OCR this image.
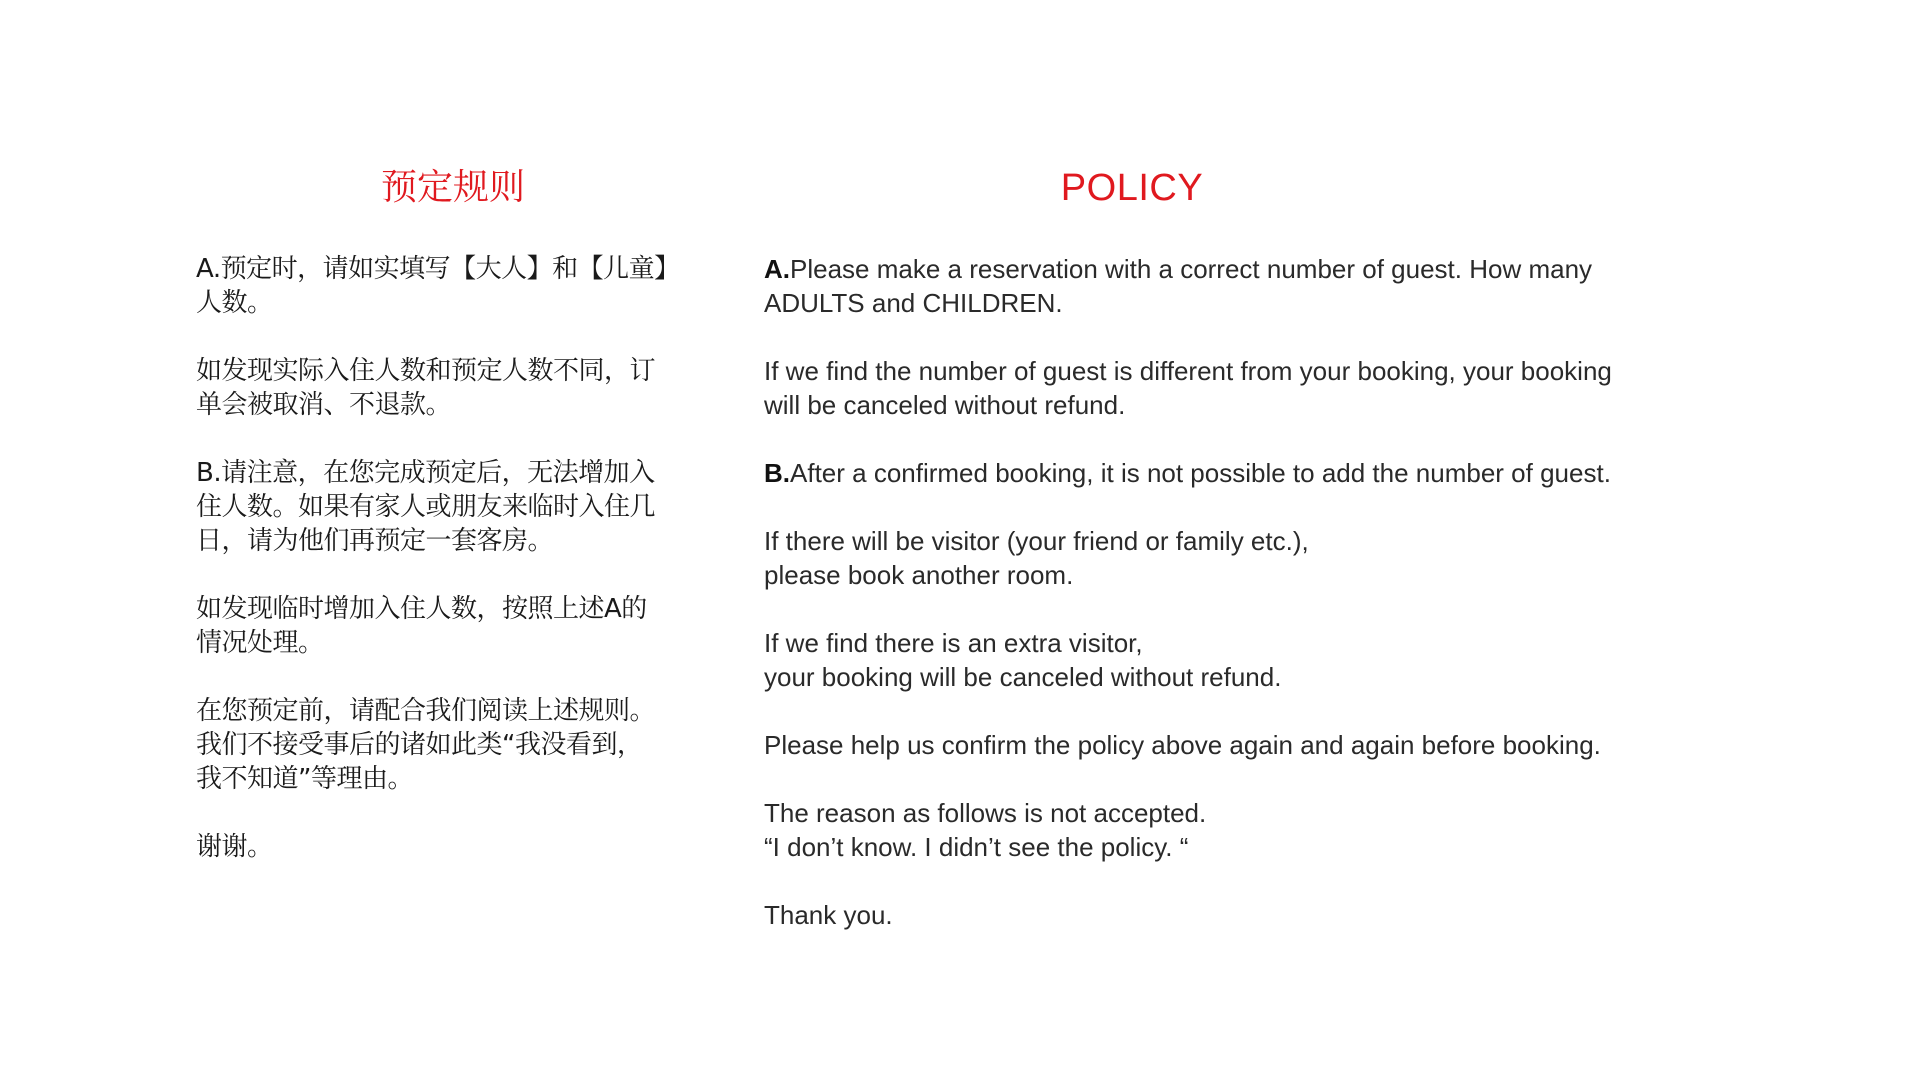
预定规则

A.预定时，请如实填写【大人】和【儿童】
人数。

如发现实际入住人数和预定人数不同，订
单会被取消、不退款。

B.请注意，在您完成预定后，无法增加入
住人数。如果有家人或朋友来临时入住几
日，请为他们再预定一套客房。

如发现临时增加入住人数，按照上述A的
情况处理。

在您预定前，请配合我们阅读上述规则。
我们不接受事后的诸如此类“我没看到，
我不知道”等理由。

谢谢。

POLICY

A.Please make a reservation with a correct number of guest. How many
ADULTS and CHILDREN.

If we find the number of guest is different from your booking, your booking
will be canceled without refund.

B.After a confirmed booking, it is not possible to add the number of guest.

If there will be visitor (your friend or family etc.),
please book another room.

If we find there is an extra visitor,
your booking will be canceled without refund.

Please help us confirm the policy above again and again before booking.

The reason as follows is not accepted.
“I don’t know. I didn’t see the policy. “

Thank you.
